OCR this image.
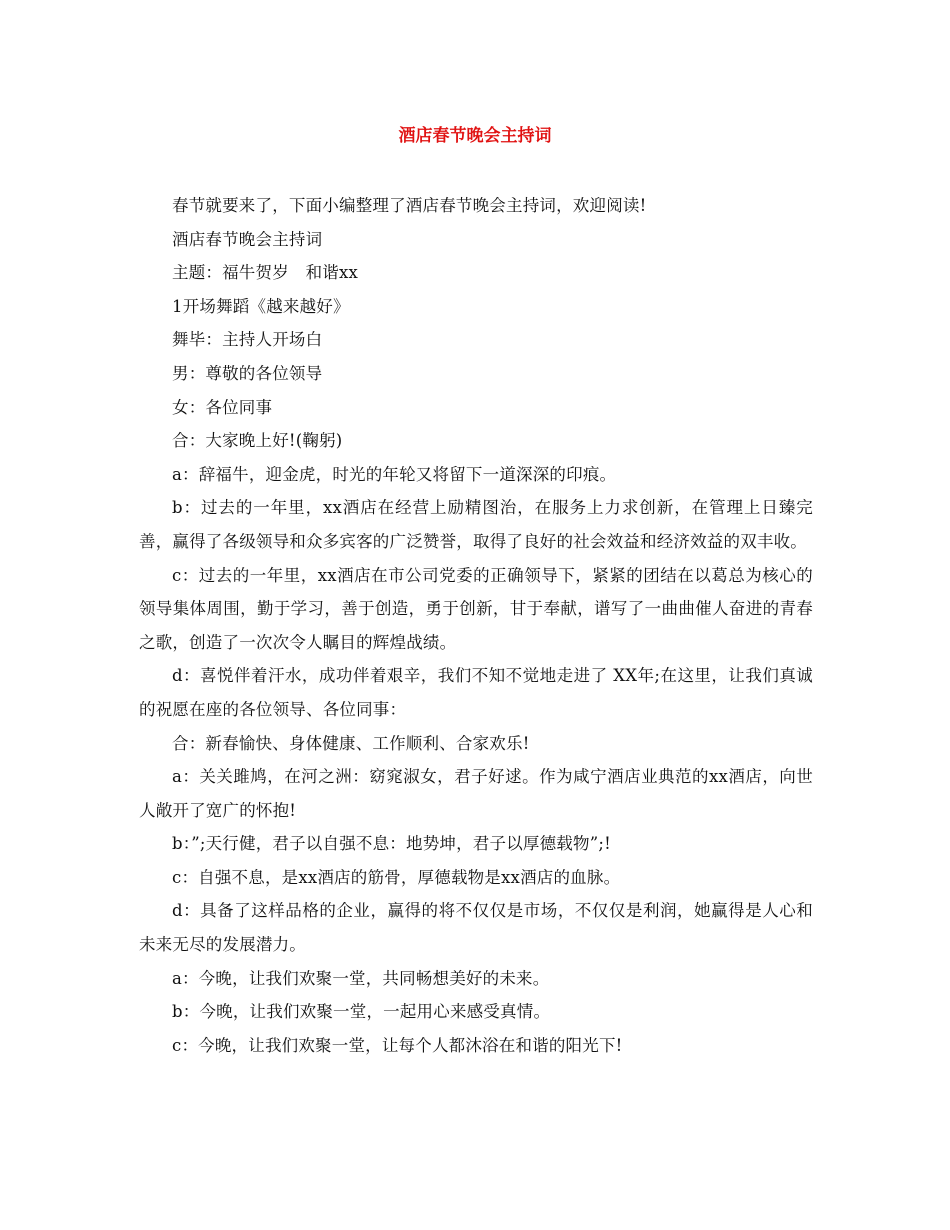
酒店春节晚会主持词

春节就要来了，下面小编整理了酒店春节晚会主持词，欢迎阅读!

酒店春节晚会主持词

主题：福牛贺岁　和谐xx

1开场舞蹈《越来越好》

舞毕：主持人开场白

男：尊敬的各位领导

女：各位同事

合：大家晚上好!(鞠躬)

a：辞福牛，迎金虎，时光的年轮又将留下一道深深的印痕。

b：过去的一年里，xx酒店在经营上励精图治，在服务上力求创新，在管理上日臻完善，赢得了各级领导和众多宾客的广泛赞誉，取得了良好的社会效益和经济效益的双丰收。

c：过去的一年里，xx酒店在市公司党委的正确领导下，紧紧的团结在以葛总为核心的领导集体周围，勤于学习，善于创造，勇于创新，甘于奉献，谱写了一曲曲催人奋进的青春之歌，创造了一次次令人瞩目的辉煌战绩。

d：喜悦伴着汗水，成功伴着艰辛，我们不知不觉地走进了 XX年;在这里，让我们真诚的祝愿在座的各位领导、各位同事：

合：新春愉快、身体健康、工作顺利、合家欢乐!

a：关关雎鸠，在河之洲：窈窕淑女，君子好逑。作为咸宁酒店业典范的xx酒店，向世人敞开了宽广的怀抱!

b：”;天行健，君子以自强不息：地势坤，君子以厚德载物”;!

c：自强不息，是xx酒店的筋骨，厚德载物是xx酒店的血脉。

d：具备了这样品格的企业，赢得的将不仅仅是市场，不仅仅是利润，她赢得是人心和未来无尽的发展潜力。

a：今晚，让我们欢聚一堂，共同畅想美好的未来。

b：今晚，让我们欢聚一堂，一起用心来感受真情。

c：今晚，让我们欢聚一堂，让每个人都沐浴在和谐的阳光下!
